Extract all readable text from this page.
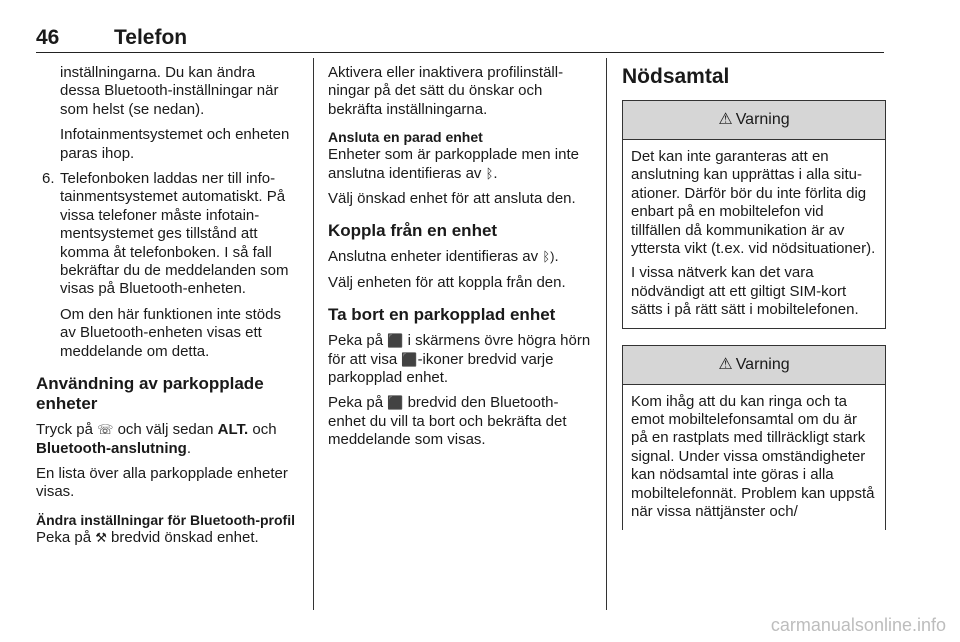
46	Telefon

inställningarna. Du kan ändra dessa Bluetooth-inställningar när som helst (se nedan).

Infotainmentsystemet och enheten paras ihop.

6. Telefonboken laddas ner till infotainmentsystemet automatiskt. På vissa telefoner måste infotainmentsystemet ges tillstånd att komma åt telefonboken. I så fall bekräftar du de meddelanden som visas på Bluetooth-enheten.

Om den här funktionen inte stöds av Bluetooth-enheten visas ett meddelande om detta.

Användning av parkopplade enheter

Tryck på ☏ och välj sedan ALT. och Bluetooth-anslutning.

En lista över alla parkopplade enheter visas.

Ändra inställningar för Bluetooth-profil

Peka på ⚒ bredvid önskad enhet.

Aktivera eller inaktivera profilinställningar på det sätt du önskar och bekräfta inställningarna.

Ansluta en parad enhet

Enheter som är parkopplade men inte anslutna identifieras av ᛒ.

Välj önskad enhet för att ansluta den.

Koppla från en enhet

Anslutna enheter identifieras av ᛒ).

Välj enheten för att koppla från den.

Ta bort en parkopplad enhet

Peka på ⬛ i skärmens övre högra hörn för att visa ⬛-ikoner bredvid varje parkopplad enhet.

Peka på ⬛ bredvid den Bluetooth-enhet du vill ta bort och bekräfta det meddelande som visas.

Nödsamtal
⚠ Varning

Det kan inte garanteras att en anslutning kan upprättas i alla situationer. Därför bör du inte förlita dig enbart på en mobiltelefon vid tillfällen då kommunikation är av yttersta vikt (t.ex. vid nödsituationer).

I vissa nätverk kan det vara nödvändigt att ett giltigt SIM-kort sätts i på rätt sätt i mobiltelefonen.

⚠ Varning

Kom ihåg att du kan ringa och ta emot mobiltelefonsamtal om du är på en rastplats med tillräckligt stark signal. Under vissa omständigheter kan nödsamtal inte göras i alla mobiltelefonnät. Problem kan uppstå när vissa nättjänster och/

carmanualsonline.info
